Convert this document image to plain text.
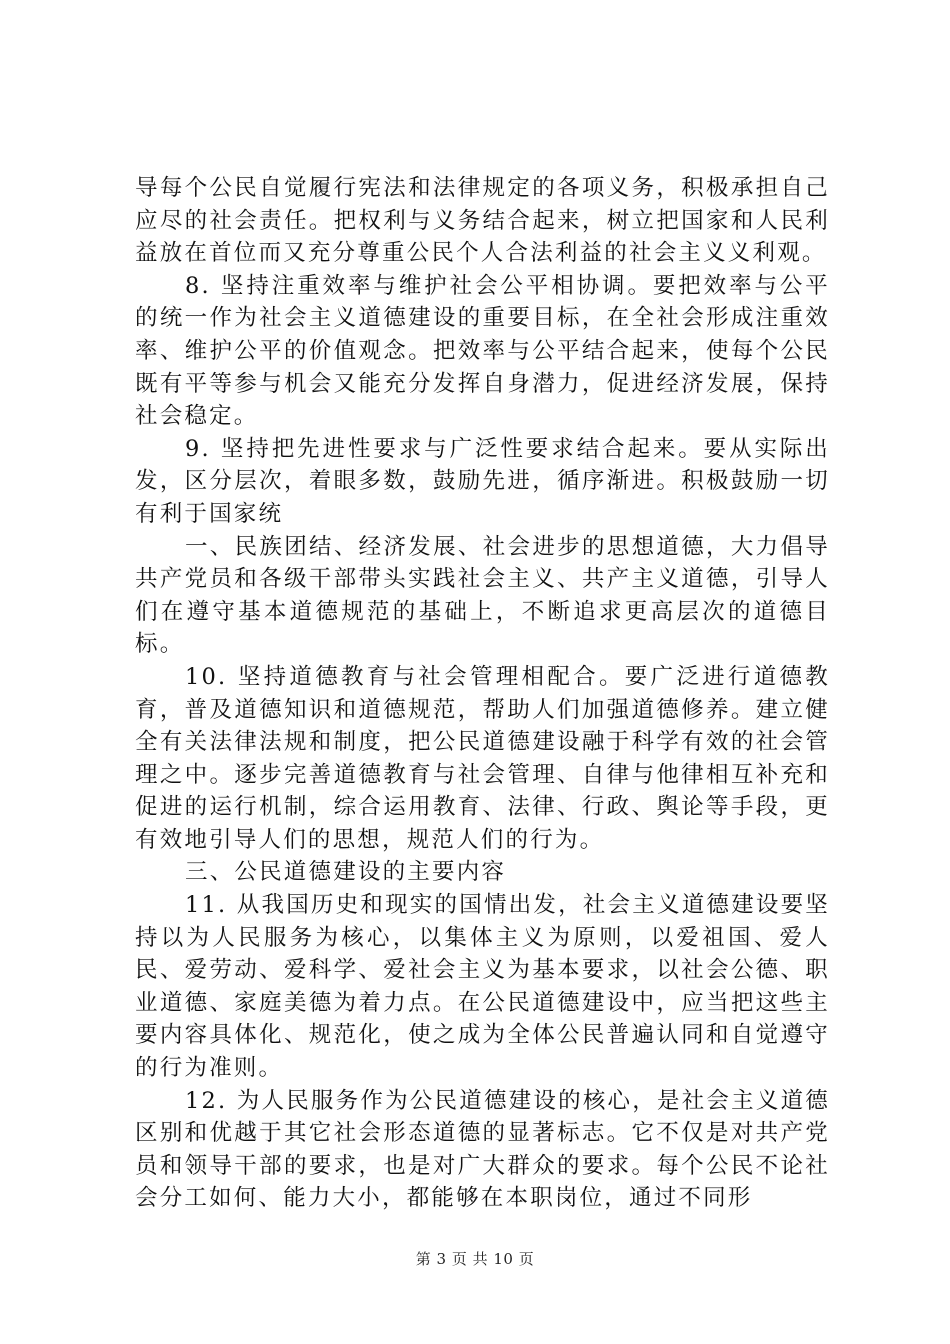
导每个公民自觉履行宪法和法律规定的各项义务，积极承担自己应尽的社会责任。把权利与义务结合起来，树立把国家和人民利益放在首位而又充分尊重公民个人合法利益的社会主义义利观。

8. 坚持注重效率与维护社会公平相协调。要把效率与公平的统一作为社会主义道德建设的重要目标，在全社会形成注重效率、维护公平的价值观念。把效率与公平结合起来，使每个公民既有平等参与机会又能充分发挥自身潜力，促进经济发展，保持社会稳定。

9. 坚持把先进性要求与广泛性要求结合起来。要从实际出发，区分层次，着眼多数，鼓励先进，循序渐进。积极鼓励一切有利于国家统

一、民族团结、经济发展、社会进步的思想道德，大力倡导共产党员和各级干部带头实践社会主义、共产主义道德，引导人们在遵守基本道德规范的基础上，不断追求更高层次的道德目标。

10. 坚持道德教育与社会管理相配合。要广泛进行道德教育，普及道德知识和道德规范，帮助人们加强道德修养。建立健全有关法律法规和制度，把公民道德建设融于科学有效的社会管理之中。逐步完善道德教育与社会管理、自律与他律相互补充和促进的运行机制，综合运用教育、法律、行政、舆论等手段，更有效地引导人们的思想，规范人们的行为。

三、公民道德建设的主要内容

11. 从我国历史和现实的国情出发，社会主义道德建设要坚持以为人民服务为核心，以集体主义为原则，以爱祖国、爱人民、爱劳动、爱科学、爱社会主义为基本要求，以社会公德、职业道德、家庭美德为着力点。在公民道德建设中，应当把这些主要内容具体化、规范化，使之成为全体公民普遍认同和自觉遵守的行为准则。

12. 为人民服务作为公民道德建设的核心，是社会主义道德区别和优越于其它社会形态道德的显著标志。它不仅是对共产党员和领导干部的要求，也是对广大群众的要求。每个公民不论社会分工如何、能力大小，都能够在本职岗位，通过不同形

第 3 页 共 10 页
